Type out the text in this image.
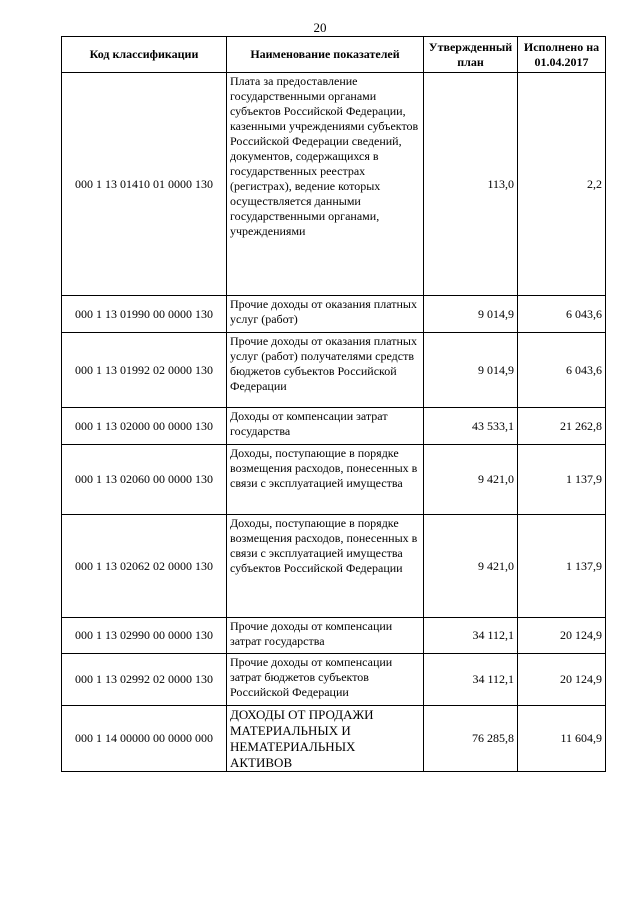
20
Код классификации	Наименование показателей	Утвержденный план	Исполнено на 01.04.2017
000 1 13 01410 01 0000 130	Плата за предоставление государственными органами субъектов Российской Федерации, казенными учреждениями субъектов Российской Федерации сведений, документов, содержащихся в государственных реестрах (регистрах), ведение которых осуществляется данными государственными органами, учреждениями	113,0	2,2
000 1 13 01990 00 0000 130	Прочие доходы от оказания платных услуг (работ)	9 014,9	6 043,6
000 1 13 01992 02 0000 130	Прочие доходы от оказания платных услуг (работ) получателями средств бюджетов субъектов Российской Федерации	9 014,9	6 043,6
000 1 13 02000 00 0000 130	Доходы от компенсации затрат государства	43 533,1	21 262,8
000 1 13 02060 00 0000 130	Доходы, поступающие в порядке возмещения расходов, понесенных в связи с эксплуатацией имущества	9 421,0	1 137,9
000 1 13 02062 02 0000 130	Доходы, поступающие в порядке возмещения расходов, понесенных в связи с эксплуатацией имущества субъектов Российской Федерации	9 421,0	1 137,9
000 1 13 02990 00 0000 130	Прочие доходы от компенсации затрат государства	34 112,1	20 124,9
000 1 13 02992 02 0000 130	Прочие доходы от компенсации затрат бюджетов субъектов Российской Федерации	34 112,1	20 124,9
000 1 14 00000 00 0000 000	ДОХОДЫ ОТ ПРОДАЖИ МАТЕРИАЛЬНЫХ И НЕМАТЕРИАЛЬНЫХ АКТИВОВ	76 285,8	11 604,9
